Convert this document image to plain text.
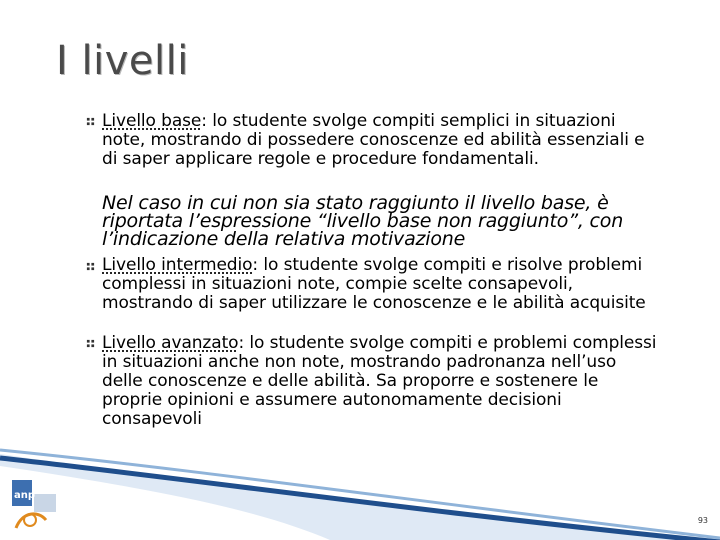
I livelli
Livello base: lo studente svolge compiti semplici in situazioni note, mostrando di possedere conoscenze ed abilità essenziali e di saper applicare regole e procedure fondamentali.
Nel caso in cui non sia stato raggiunto il livello base, è riportata l’espressione “livello base non raggiunto”, con l’indicazione della relativa motivazione
Livello intermedio: lo studente svolge compiti e risolve problemi complessi in situazioni note, compie scelte consapevoli, mostrando di saper utilizzare le conoscenze e le abilità acquisite
Livello avanzato: lo studente svolge compiti e problemi complessi in situazioni anche non note, mostrando padronanza nell’uso delle conoscenze e delle abilità. Sa proporre e sostenere le proprie opinioni e assumere autonomamente decisioni consapevoli
anp
93
